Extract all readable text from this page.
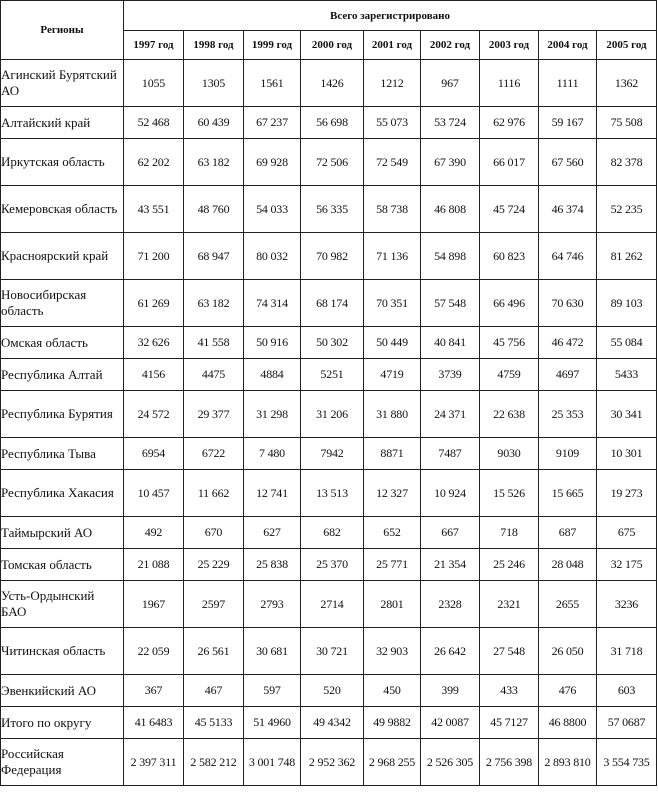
Регионы	Всего зарегистрировано								
	1997 год	1998 год	1999 год	2000 год	2001 год	2002 год	2003 год	2004 год	2005 год
Агинский Бурятский АО	1055	1305	1561	1426	1212	967	1116	1111	1362
Алтайский край	52 468	60 439	67 237	56 698	55 073	53 724	62 976	59 167	75 508
Иркутская область	62 202	63 182	69 928	72 506	72 549	67 390	66 017	67 560	82 378
Кемеровская область	43 551	48 760	54 033	56 335	58 738	46 808	45 724	46 374	52 235
Красноярский край	71 200	68 947	80 032	70 982	71 136	54 898	60 823	64 746	81 262
Новосибирская область	61 269	63 182	74 314	68 174	70 351	57 548	66 496	70 630	89 103
Омская область	32 626	41 558	50 916	50 302	50 449	40 841	45 756	46 472	55 084
Республика Алтай	4156	4475	4884	5251	4719	3739	4759	4697	5433
Республика Бурятия	24 572	29 377	31 298	31 206	31 880	24 371	22 638	25 353	30 341
Республика Тыва	6954	6722	7 480	7942	8871	7487	9030	9109	10 301
Республика Хакасия	10 457	11 662	12 741	13 513	12 327	10 924	15 526	15 665	19 273
Таймырский АО	492	670	627	682	652	667	718	687	675
Томская область	21 088	25 229	25 838	25 370	25 771	21 354	25 246	28 048	32 175
Усть-Ордынский БАО	1967	2597	2793	2714	2801	2328	2321	2655	3236
Читинская область	22 059	26 561	30 681	30 721	32 903	26 642	27 548	26 050	31 718
Эвенкийский АО	367	467	597	520	450	399	433	476	603
Итого по округу	41 6483	45 5133	51 4960	49 4342	49 9882	42 0087	45 7127	46 8800	57 0687
Российская Федерация	2 397 311	2 582 212	3 001 748	2 952 362	2 968 255	2 526 305	2 756 398	2 893 810	3 554 735
